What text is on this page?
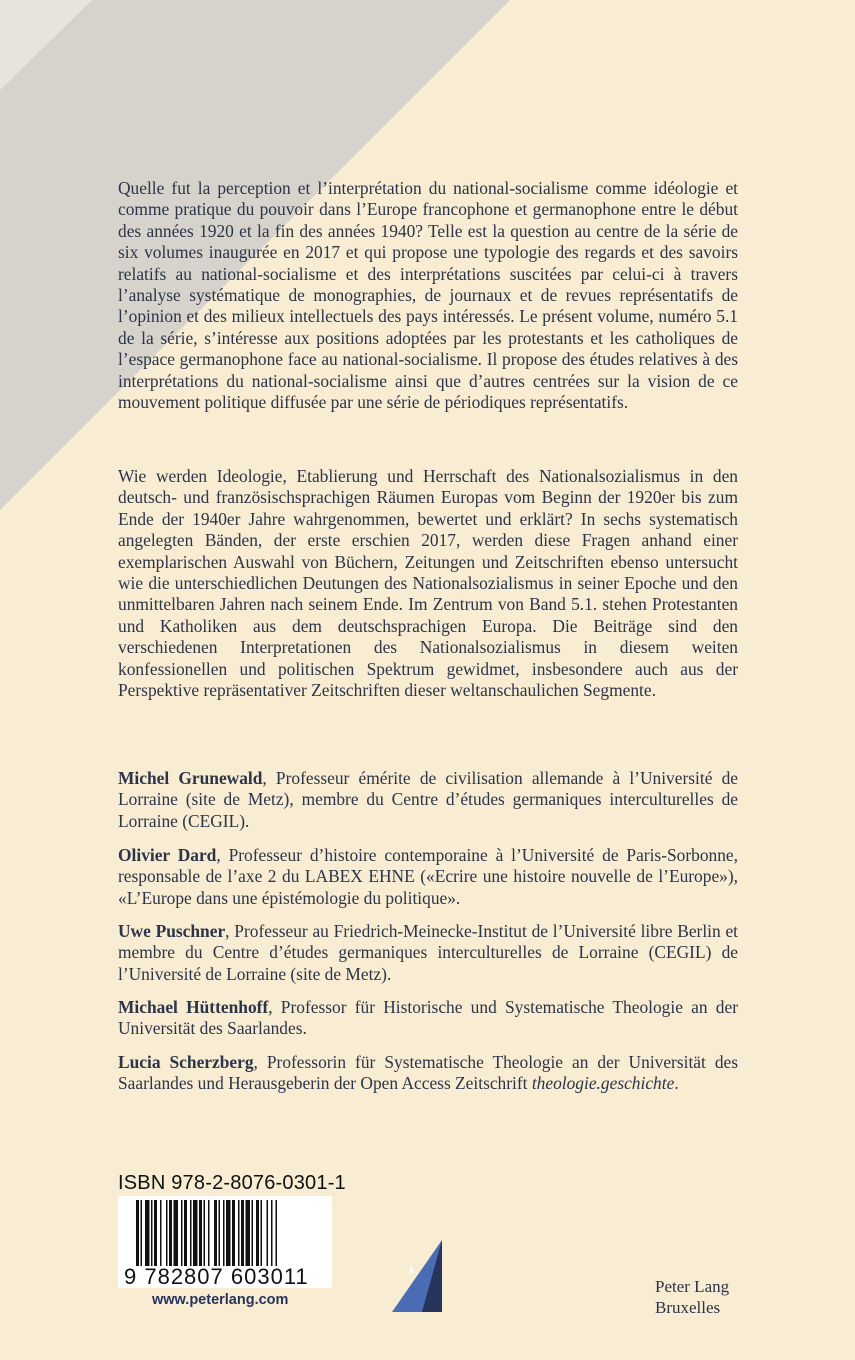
Quelle fut la perception et l’interprétation du national-socialisme comme idéologie et comme pratique du pouvoir dans l’Europe francophone et germanophone entre le début des années 1920 et la fin des années 1940? Telle est la question au centre de la série de six volumes inaugurée en 2017 et qui propose une typologie des regards et des savoirs relatifs au national-socialisme et des interprétations suscitées par celui-ci à travers l’analyse systématique de monographies, de journaux et de revues représentatifs de l’opinion et des milieux intellectuels des pays intéressés. Le présent volume, numéro 5.1 de la série, s’intéresse aux positions adoptées par les protestants et les catholiques de l’espace germanophone face au national-socialisme. Il propose des études relatives à des interprétations du national-socialisme ainsi que d’autres centrées sur la vision de ce mouvement politique diffusée par une série de périodiques représentatifs.

Wie werden Ideologie, Etablierung und Herrschaft des Nationalsozialismus in den deutsch- und französischsprachigen Räumen Europas vom Beginn der 1920er bis zum Ende der 1940er Jahre wahrgenommen, bewertet und erklärt? In sechs systematisch angelegten Bänden, der erste erschien 2017, werden diese Fragen anhand einer exemplarischen Auswahl von Büchern, Zeitungen und Zeitschriften ebenso untersucht wie die unterschiedlichen Deutungen des Nationalsozialismus in seiner Epoche und den unmittelbaren Jahren nach seinem Ende. Im Zentrum von Band 5.1. stehen Protestanten und Katholiken aus dem deutschsprachigen Europa. Die Beiträge sind den verschiedenen Interpretationen des Nationalsozialismus in diesem weiten konfessionellen und politischen Spektrum gewidmet, insbesondere auch aus der Perspektive repräsentativer Zeitschriften dieser weltanschaulichen Segmente.

Michel Grunewald, Professeur émérite de civilisation allemande à l’Université de Lorraine (site de Metz), membre du Centre d’études germaniques interculturelles de Lorraine (CEGIL).

Olivier Dard, Professeur d’histoire contemporaine à l’Université de Paris-Sorbonne, responsable de l’axe 2 du LABEX EHNE («Ecrire une histoire nouvelle de l’Europe»), «L’Europe dans une épistémologie du politique».

Uwe Puschner, Professeur au Friedrich-Meinecke-Institut de l’Université libre Berlin et membre du Centre d’études germaniques interculturelles de Lorraine (CEGIL) de l’Université de Lorraine (site de Metz).

Michael Hüttenhoff, Professor für Historische und Systematische Theologie an der Universität des Saarlandes.

Lucia Scherzberg, Professorin für Systematische Theologie an der Universität des Saarlandes und Herausgeberin der Open Access Zeitschrift theologie.geschichte.

ISBN 978-2-8076-0301-1
9 782807 603011
www.peterlang.com
Peter Lang
Bruxelles
